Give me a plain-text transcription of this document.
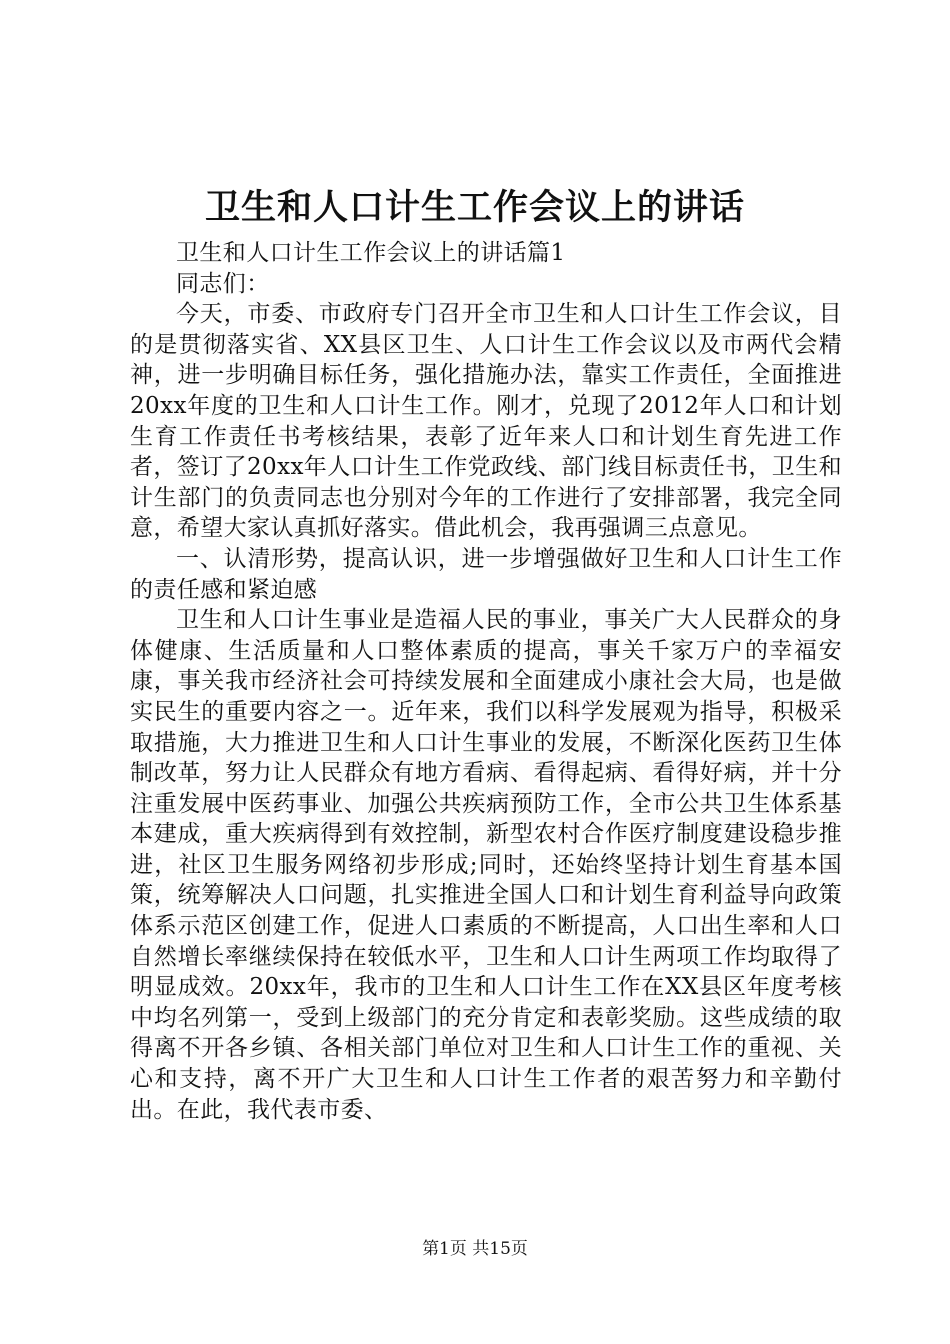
卫生和人口计生工作会议上的讲话

卫生和人口计生工作会议上的讲话篇1

同志们：

今天，市委、市政府专门召开全市卫生和人口计生工作会议，目的是贯彻落实省、XX县区卫生、人口计生工作会议以及市两代会精神，进一步明确目标任务，强化措施办法，靠实工作责任，全面推进20xx年度的卫生和人口计生工作。刚才，兑现了2012年人口和计划生育工作责任书考核结果，表彰了近年来人口和计划生育先进工作者，签订了20xx年人口计生工作党政线、部门线目标责任书，卫生和计生部门的负责同志也分别对今年的工作进行了安排部署，我完全同意，希望大家认真抓好落实。借此机会，我再强调三点意见。

一、认清形势，提高认识，进一步增强做好卫生和人口计生工作的责任感和紧迫感

卫生和人口计生事业是造福人民的事业，事关广大人民群众的身体健康、生活质量和人口整体素质的提高，事关千家万户的幸福安康，事关我市经济社会可持续发展和全面建成小康社会大局，也是做实民生的重要内容之一。近年来，我们以科学发展观为指导，积极采取措施，大力推进卫生和人口计生事业的发展，不断深化医药卫生体制改革，努力让人民群众有地方看病、看得起病、看得好病，并十分注重发展中医药事业、加强公共疾病预防工作，全市公共卫生体系基本建成，重大疾病得到有效控制，新型农村合作医疗制度建设稳步推进，社区卫生服务网络初步形成;同时，还始终坚持计划生育基本国策，统筹解决人口问题，扎实推进全国人口和计划生育利益导向政策体系示范区创建工作，促进人口素质的不断提高，人口出生率和人口自然增长率继续保持在较低水平，卫生和人口计生两项工作均取得了明显成效。20xx年，我市的卫生和人口计生工作在XX县区年度考核中均名列第一，受到上级部门的充分肯定和表彰奖励。这些成绩的取得离不开各乡镇、各相关部门单位对卫生和人口计生工作的重视、关心和支持，离不开广大卫生和人口计生工作者的艰苦努力和辛勤付出。在此，我代表市委、

第1页 共15页
